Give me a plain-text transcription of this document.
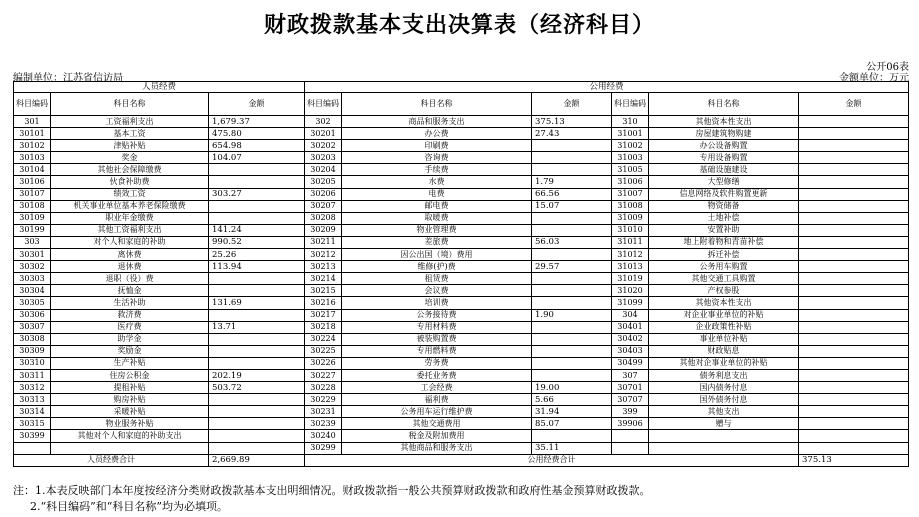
财政拨款基本支出决算表（经济科目）
公开06表
编制单位：江苏省信访局	金额单位：万元
人员经费			公用经费					
科目编码	科目名称	金额	科目编码	科目名称	金额	科目编码	科目名称	金额
301	工资福利支出	1,679.37	302	商品和服务支出	375.13	310	其他资本性支出	
30101	基本工资	475.80	30201	办公费	27.43	31001	房屋建筑物购建	
30102	津贴补贴	654.98	30202	印刷费		31002	办公设备购置	
30103	奖金	104.07	30203	咨询费		31003	专用设备购置	
30104	其他社会保障缴费		30204	手续费		31005	基础设施建设	
30106	伙食补助费		30205	水费	1.79	31006	大型修缮	
30107	绩效工资	303.27	30206	电费	66.56	31007	信息网络及软件购置更新	
30108	机关事业单位基本养老保险缴费		30207	邮电费	15.07	31008	物资储备	
30109	职业年金缴费		30208	取暖费		31009	土地补偿	
30199	其他工资福利支出	141.24	30209	物业管理费		31010	安置补助	
303	对个人和家庭的补助	990.52	30211	差旅费	56.03	31011	地上附着物和青苗补偿	
30301	离休费	25.26	30212	因公出国（境）费用		31012	拆迁补偿	
30302	退休费	113.94	30213	维修(护)费	29.57	31013	公务用车购置	
30303	退职（役）费		30214	租赁费		31019	其他交通工具购置	
30304	抚恤金		30215	会议费		31020	产权参股	
30305	生活补助	131.69	30216	培训费		31099	其他资本性支出	
30306	救济费		30217	公务接待费	1.90	304	对企业事业单位的补贴	
30307	医疗费	13.71	30218	专用材料费		30401	企业政策性补贴	
30308	助学金		30224	被装购置费		30402	事业单位补贴	
30309	奖励金		30225	专用燃料费		30403	财政贴息	
30310	生产补贴		30226	劳务费		30499	其他对企事业单位的补贴	
30311	住房公积金	202.19	30227	委托业务费		307	债务利息支出	
30312	提租补贴	503.72	30228	工会经费	19.00	30701	国内债务付息	
30313	购房补贴		30229	福利费	5.66	30707	国外债务付息	
30314	采暖补贴		30231	公务用车运行维护费	31.94	399	其他支出	
30315	物业服务补贴		30239	其他交通费用	85.07	39906	赠与	
30399	其他对个人和家庭的补助支出		30240	税金及附加费用				
			30299	其他商品和服务支出	35.11			
人员经费合计		2,669.89	公用经费合计					375.13
注：1.本表反映部门本年度按经济分类财政拨款基本支出明细情况。财政拨款指一般公共预算财政拨款和政府性基金预算财政拨款。
2.“科目编码”和“科目名称”均为必填项。
